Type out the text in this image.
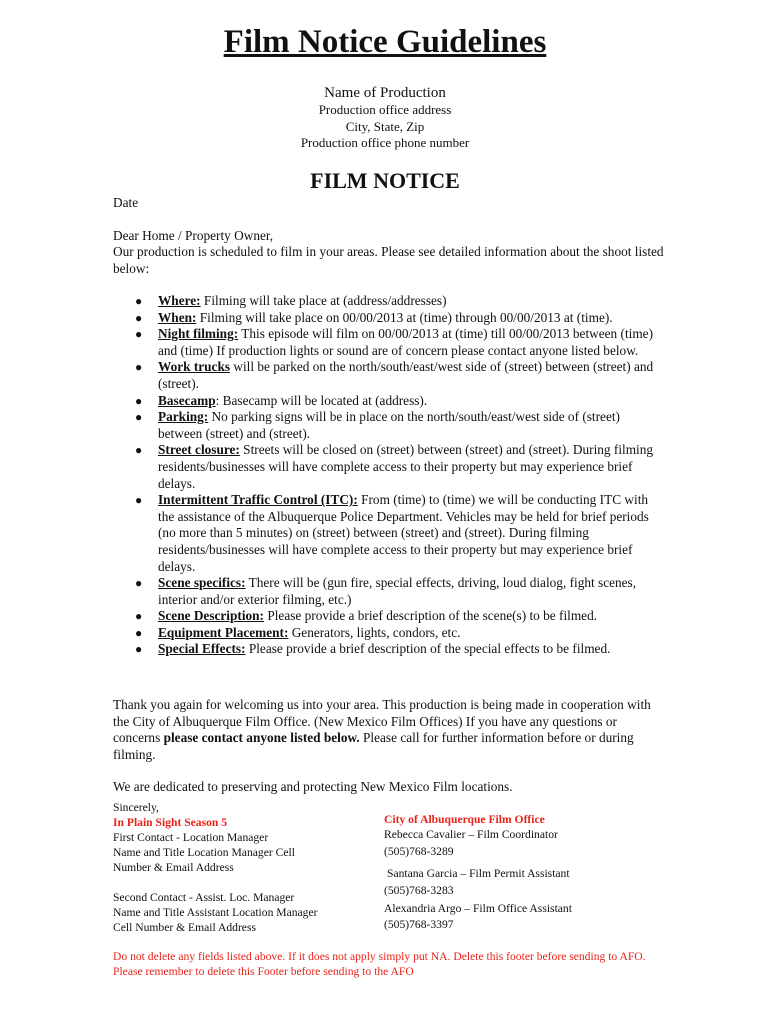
Film Notice Guidelines
Name of Production
Production office address
City, State, Zip
Production office phone number
FILM NOTICE
Date
Dear Home / Property Owner,
Our production is scheduled to film in your areas. Please see detailed information about the shoot listed below:
● Where: Filming will take place at (address/addresses)
● When: Filming will take place on 00/00/2013 at (time) through 00/00/2013 at (time).
● Night filming: This episode will film on 00/00/2013 at (time) till 00/00/2013 between (time) and (time) If production lights or sound are of concern please contact anyone listed below.
● Work trucks will be parked on the north/south/east/west side of (street) between (street) and (street).
● Basecamp: Basecamp will be located at (address).
● Parking: No parking signs will be in place on the north/south/east/west side of (street) between (street) and (street).
● Street closure: Streets will be closed on (street) between (street) and (street). During filming residents/businesses will have complete access to their property but may experience brief delays.
● Intermittent Traffic Control (ITC): From (time) to (time) we will be conducting ITC with the assistance of the Albuquerque Police Department. Vehicles may be held for brief periods (no more than 5 minutes) on (street) between (street) and (street). During filming residents/businesses will have complete access to their property but may experience brief delays.
● Scene specifics: There will be (gun fire, special effects, driving, loud dialog, fight scenes, interior and/or exterior filming, etc.)
● Scene Description: Please provide a brief description of the scene(s) to be filmed.
● Equipment Placement: Generators, lights, condors, etc.
● Special Effects: Please provide a brief description of the special effects to be filmed.
Thank you again for welcoming us into your area. This production is being made in cooperation with the City of Albuquerque Film Office. (New Mexico Film Offices) If you have any questions or concerns please contact anyone listed below. Please call for further information before or during filming.
We are dedicated to preserving and protecting New Mexico Film locations.
Sincerely,
In Plain Sight Season 5
First Contact - Location Manager
Name and Title Location Manager Cell
Number & Email Address
Second Contact - Assist. Loc. Manager
Name and Title Assistant Location Manager
Cell Number & Email Address
City of Albuquerque Film Office
Rebecca Cavalier – Film Coordinator
(505)768-3289
Santana Garcia – Film Permit Assistant
(505)768-3283
Alexandria Argo – Film Office Assistant
(505)768-3397
Do not delete any fields listed above. If it does not apply simply put NA. Delete this footer before sending to AFO. Please remember to delete this Footer before sending to the AFO
